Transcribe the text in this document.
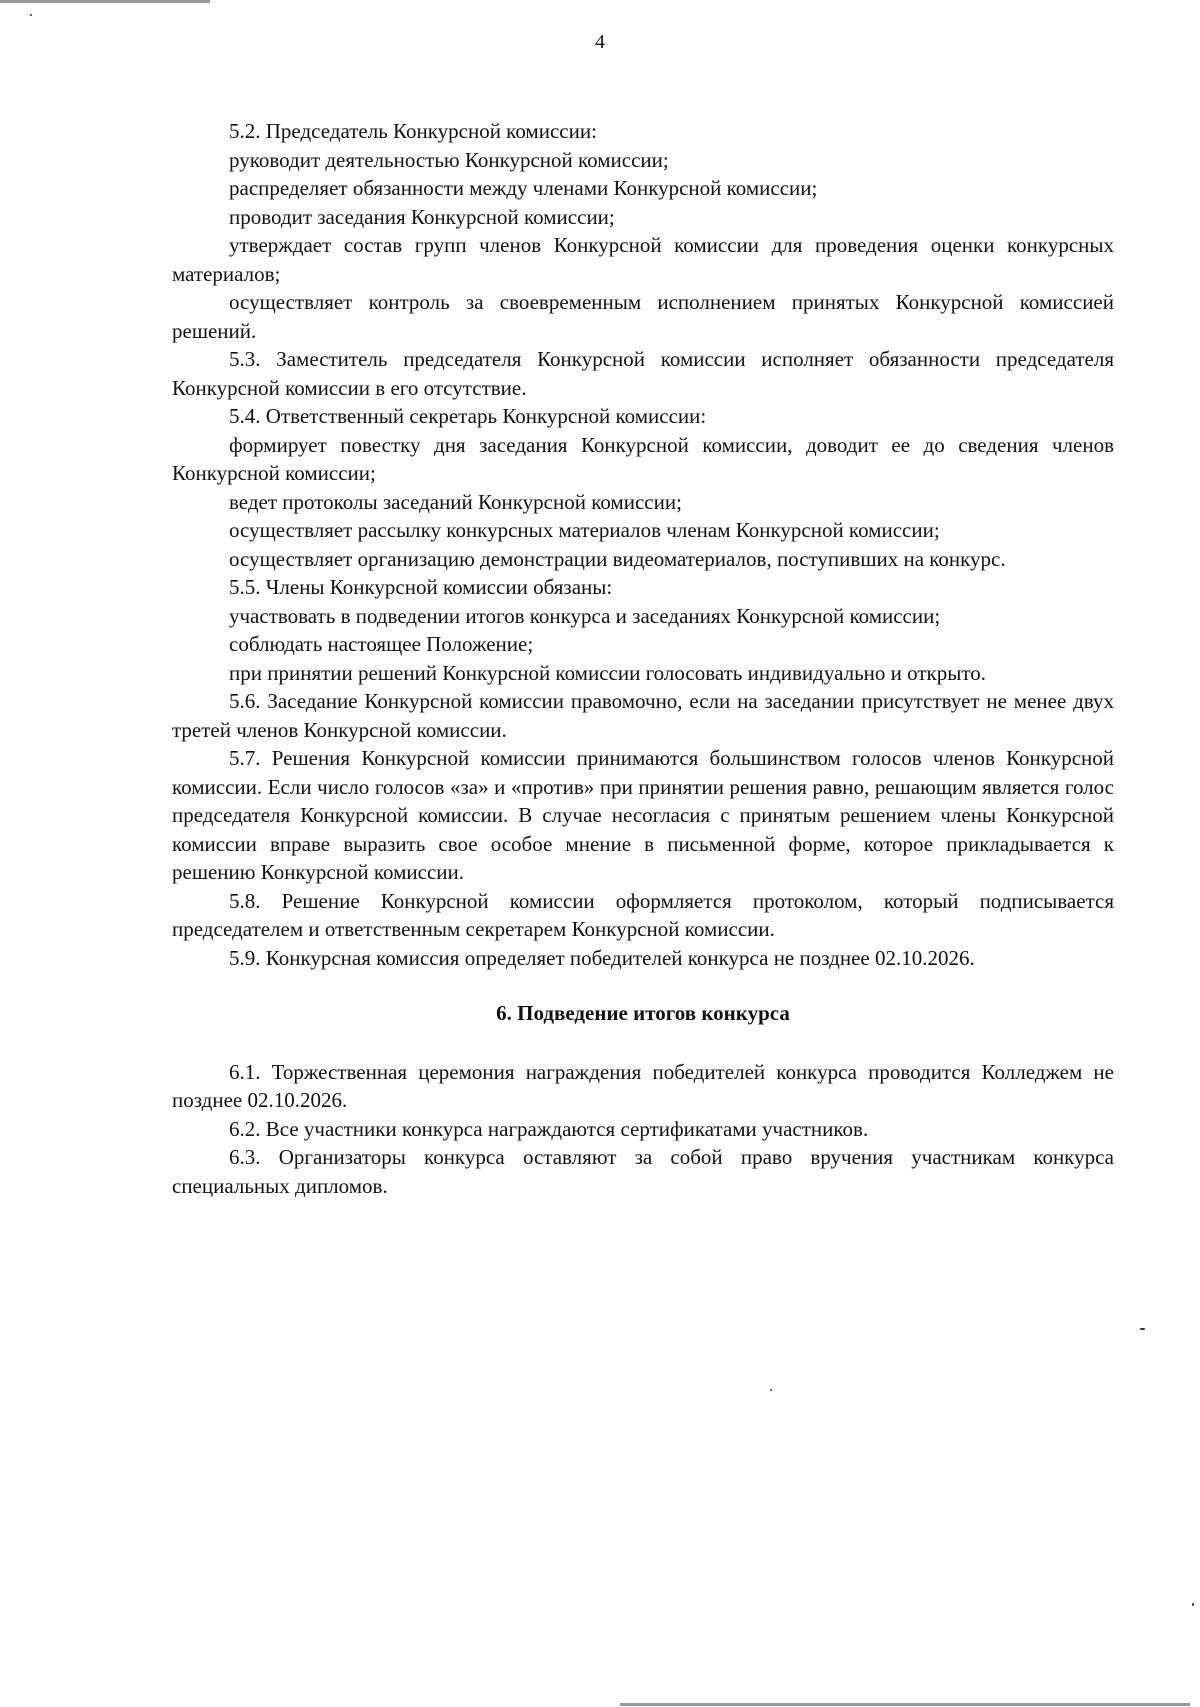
4

5.2. Председатель Конкурсной комиссии:

руководит деятельностью Конкурсной комиссии;

распределяет обязанности между членами Конкурсной комиссии;

проводит заседания Конкурсной комиссии;

утверждает состав групп членов Конкурсной комиссии для проведения оценки конкурсных материалов;

осуществляет контроль за своевременным исполнением принятых Конкурсной комиссией решений.

5.3. Заместитель председателя Конкурсной комиссии исполняет обязанности председателя Конкурсной комиссии в его отсутствие.

5.4. Ответственный секретарь Конкурсной комиссии:

формирует повестку дня заседания Конкурсной комиссии, доводит ее до сведения членов Конкурсной комиссии;

ведет протоколы заседаний Конкурсной комиссии;

осуществляет рассылку конкурсных материалов членам Конкурсной комиссии;

осуществляет организацию демонстрации видеоматериалов, поступивших на конкурс.

5.5. Члены Конкурсной комиссии обязаны:

участвовать в подведении итогов конкурса и заседаниях Конкурсной комиссии;

соблюдать настоящее Положение;

при принятии решений Конкурсной комиссии голосовать индивидуально и открыто.

5.6. Заседание Конкурсной комиссии правомочно, если на заседании присутствует не менее двух третей членов Конкурсной комиссии.

5.7. Решения Конкурсной комиссии принимаются большинством голосов членов Конкурсной комиссии. Если число голосов «за» и «против» при принятии решения равно, решающим является голос председателя Конкурсной комиссии. В случае несогласия с принятым решением члены Конкурсной комиссии вправе выразить свое особое мнение в письменной форме, которое прикладывается к решению Конкурсной комиссии.

5.8. Решение Конкурсной комиссии оформляется протоколом, который подписывается председателем и ответственным секретарем Конкурсной комиссии.

5.9. Конкурсная комиссия определяет победителей конкурса не позднее 02.10.2026.

6. Подведение итогов конкурса

6.1. Торжественная церемония награждения победителей конкурса проводится Колледжем не позднее 02.10.2026.

6.2. Все участники конкурса награждаются сертификатами участников.

6.3. Организаторы конкурса оставляют за собой право вручения участникам конкурса специальных дипломов.
